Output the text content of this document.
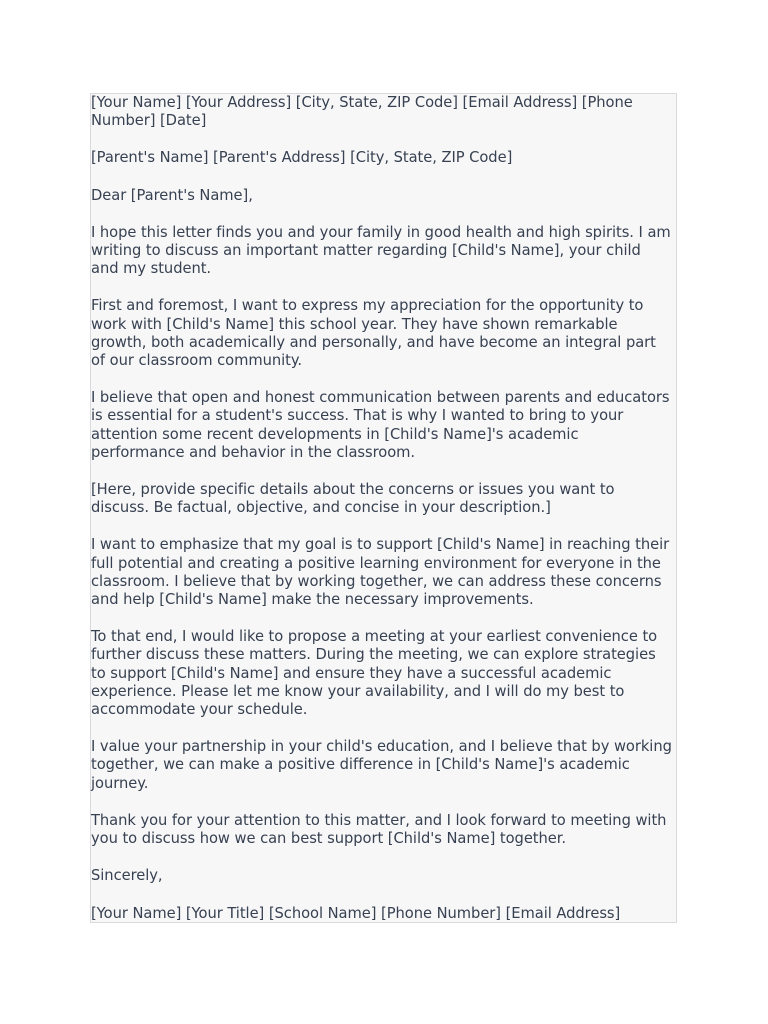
[Your Name] [Your Address] [City, State, ZIP Code] [Email Address] [Phone Number] [Date]

[Parent's Name] [Parent's Address] [City, State, ZIP Code]

Dear [Parent's Name],

I hope this letter finds you and your family in good health and high spirits. I am writing to discuss an important matter regarding [Child's Name], your child and my student.

First and foremost, I want to express my appreciation for the opportunity to work with [Child's Name] this school year. They have shown remarkable growth, both academically and personally, and have become an integral part of our classroom community.

I believe that open and honest communication between parents and educators is essential for a student's success. That is why I wanted to bring to your attention some recent developments in [Child's Name]'s academic performance and behavior in the classroom.

[Here, provide specific details about the concerns or issues you want to discuss. Be factual, objective, and concise in your description.]

I want to emphasize that my goal is to support [Child's Name] in reaching their full potential and creating a positive learning environment for everyone in the classroom. I believe that by working together, we can address these concerns and help [Child's Name] make the necessary improvements.

To that end, I would like to propose a meeting at your earliest convenience to further discuss these matters. During the meeting, we can explore strategies to support [Child's Name] and ensure they have a successful academic experience. Please let me know your availability, and I will do my best to accommodate your schedule.

I value your partnership in your child's education, and I believe that by working together, we can make a positive difference in [Child's Name]'s academic journey.

Thank you for your attention to this matter, and I look forward to meeting with you to discuss how we can best support [Child's Name] together.

Sincerely,

[Your Name] [Your Title] [School Name] [Phone Number] [Email Address]
